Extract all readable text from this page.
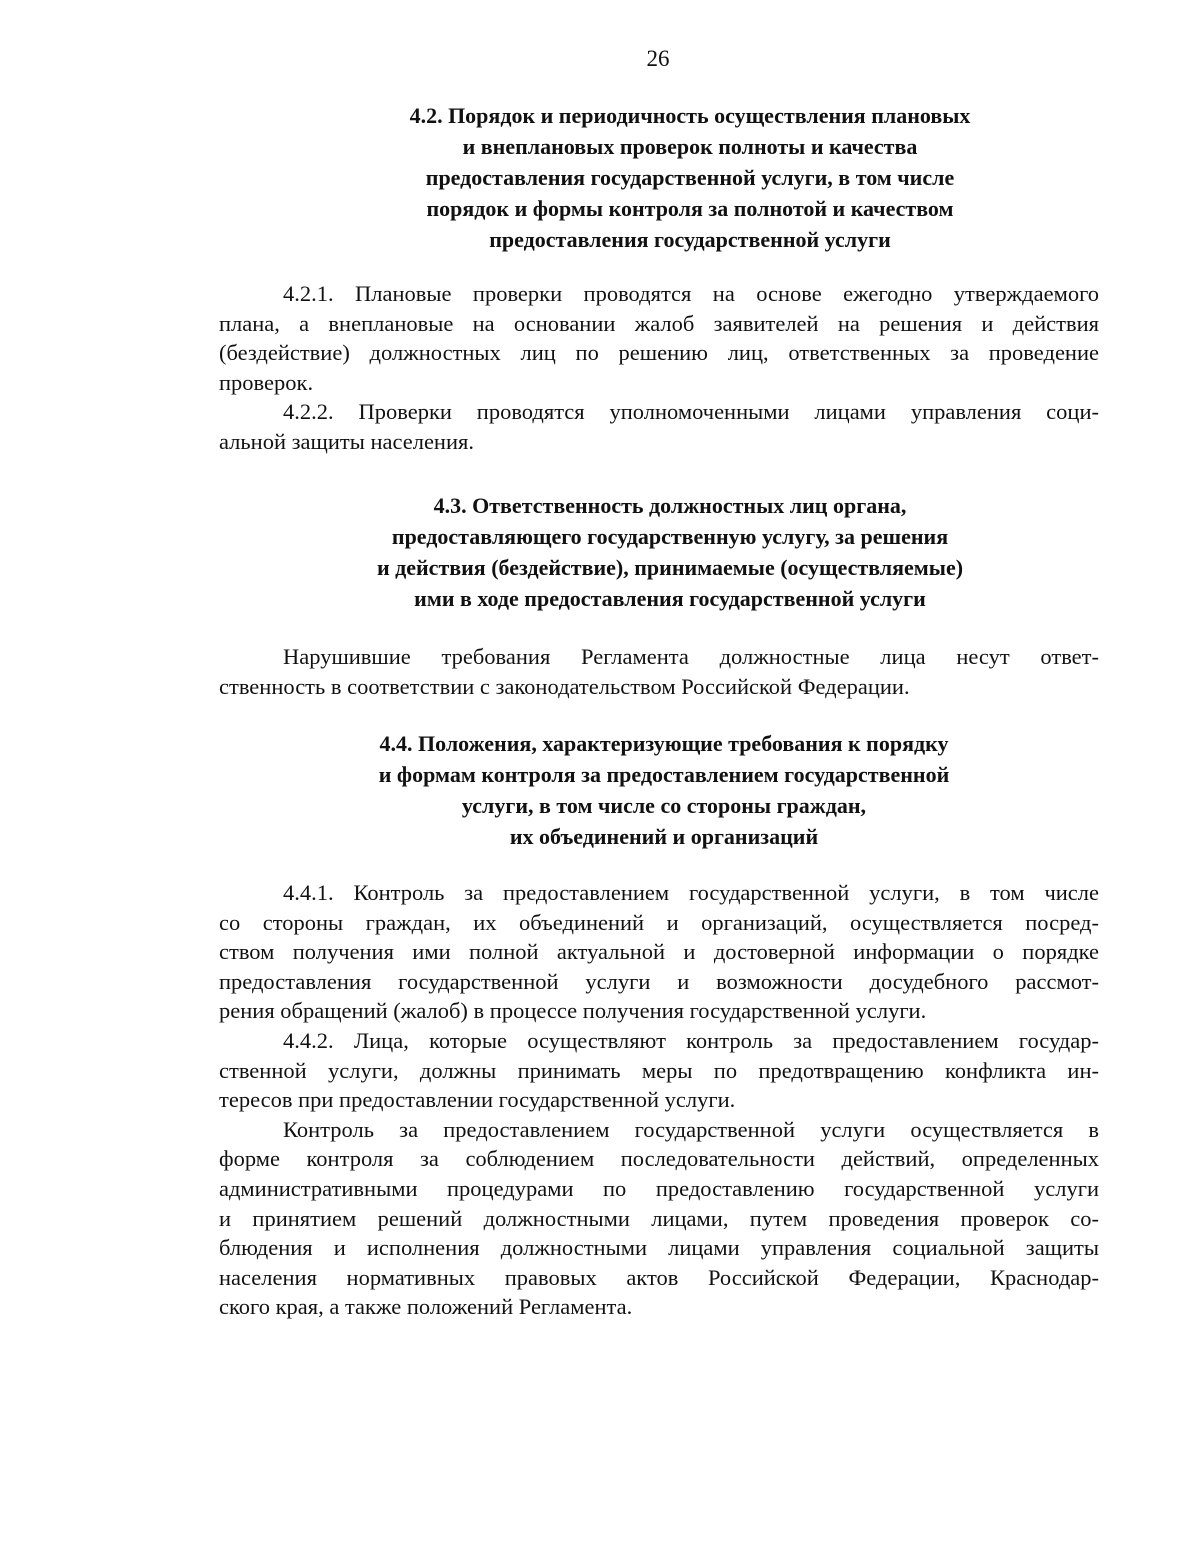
26
4.2. Порядок и периодичность осуществления плановых
и внеплановых проверок полноты и качества
предоставления государственной услуги, в том числе
порядок и формы контроля за полнотой и качеством
предоставления государственной услуги

4.2.1. Плановые проверки проводятся на основе ежегодно утверждаемого
плана, а внеплановые на основании жалоб заявителей на решения и действия
(бездействие) должностных лиц по решению лиц, ответственных за проведение
проверок.

4.2.2. Проверки проводятся уполномоченными лицами управления соци-
альной защиты населения.

4.3. Ответственность должностных лиц органа,
предоставляющего государственную услугу, за решения
и действия (бездействие), принимаемые (осуществляемые)
ими в ходе предоставления государственной услуги

Нарушившие требования Регламента должностные лица несут ответ-
ственность в соответствии с законодательством Российской Федерации.

4.4. Положения, характеризующие требования к порядку
и формам контроля за предоставлением государственной
услуги, в том числе со стороны граждан,
их объединений и организаций

4.4.1. Контроль за предоставлением государственной услуги, в том числе
со стороны граждан, их объединений и организаций, осуществляется посред-
ством получения ими полной актуальной и достоверной информации о порядке
предоставления государственной услуги и возможности досудебного рассмот-
рения обращений (жалоб) в процессе получения государственной услуги.

4.4.2. Лица, которые осуществляют контроль за предоставлением государ-
ственной услуги, должны принимать меры по предотвращению конфликта ин-
тересов при предоставлении государственной услуги.

Контроль за предоставлением государственной услуги осуществляется в
форме контроля за соблюдением последовательности действий, определенных
административными процедурами по предоставлению государственной услуги
и принятием решений должностными лицами, путем проведения проверок со-
блюдения и исполнения должностными лицами управления социальной защиты
населения нормативных правовых актов Российской Федерации, Краснодар-
ского края, а также положений Регламента.
